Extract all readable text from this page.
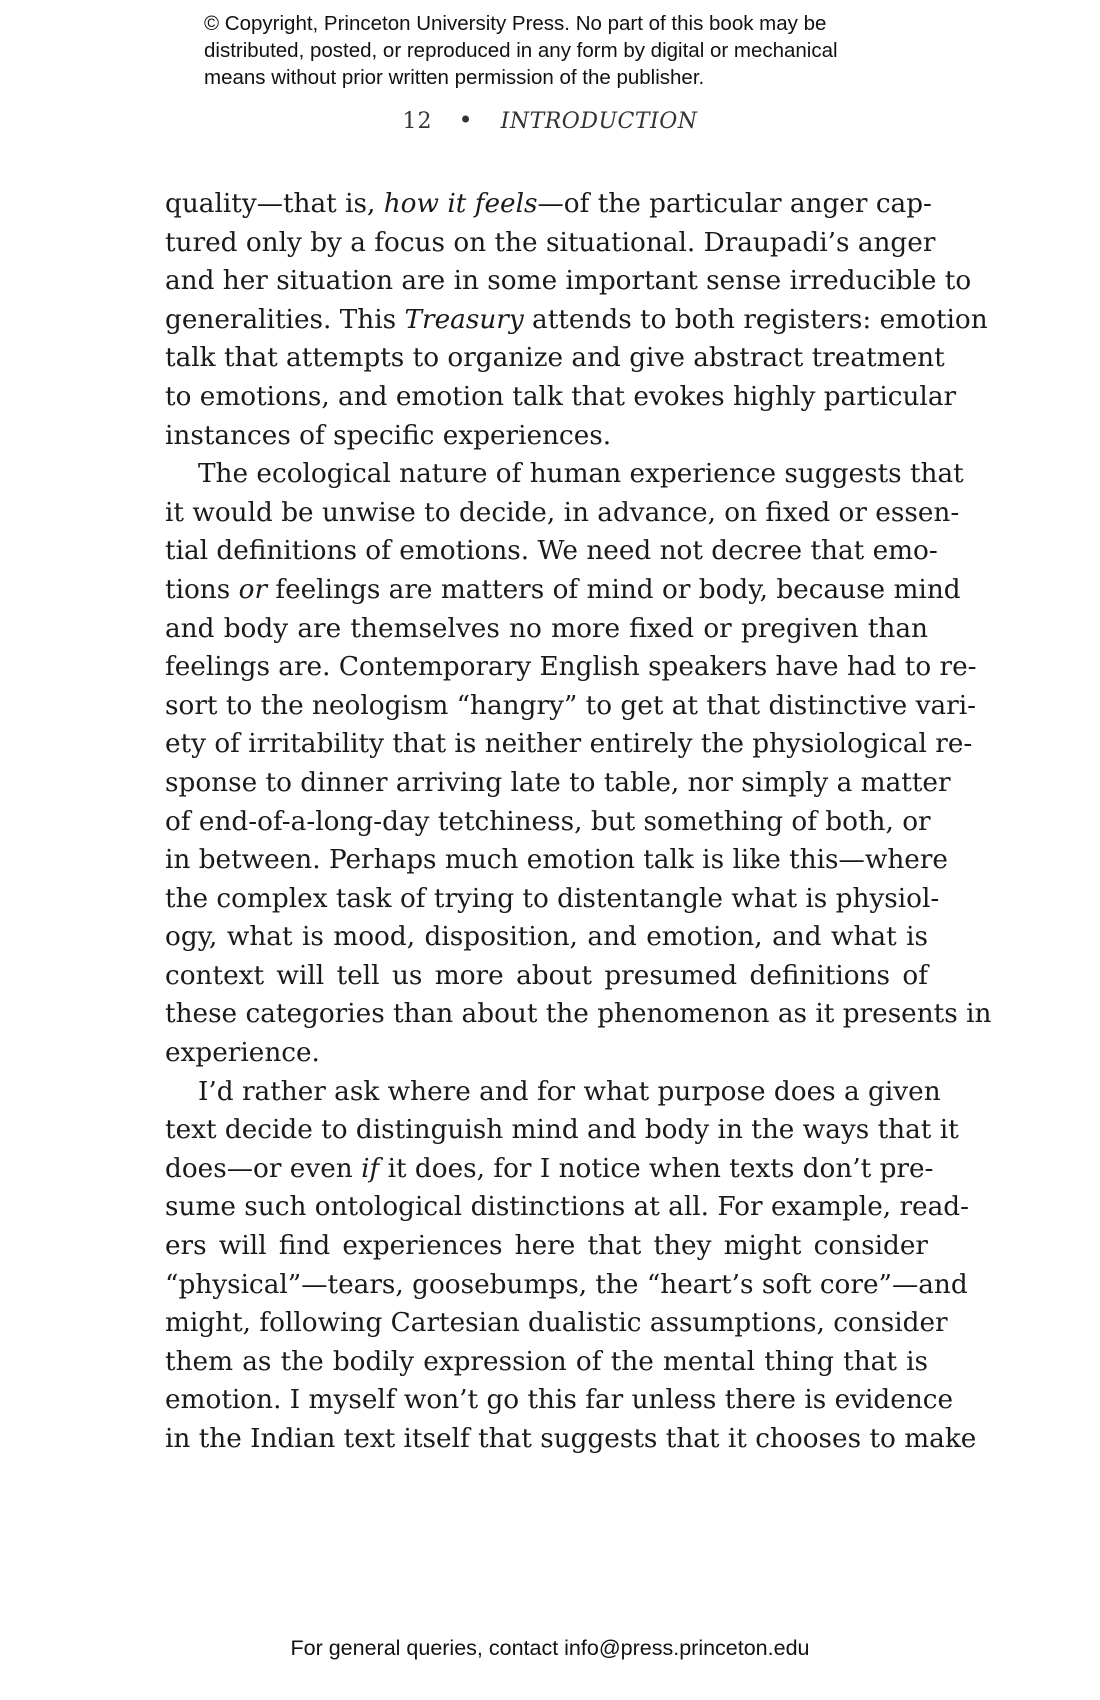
© Copyright, Princeton University Press. No part of this book may be
distributed, posted, or reproduced in any form by digital or mechanical
means without prior written permission of the publisher.
12 • INTRODUCTION
quality—that is, how it feels—of the particular anger cap-
tured only by a focus on the situational. Draupadi’s anger
and her situation are in some important sense irreducible to
generalities. This Treasury attends to both registers: emotion
talk that attempts to organize and give abstract treatment
to emotions, and emotion talk that evokes highly particular
instances of specific experiences.
The ecological nature of human experience suggests that
it would be unwise to decide, in advance, on fixed or essen-
tial definitions of emotions. We need not decree that emo-
tions or feelings are matters of mind or body, because mind
and body are themselves no more fixed or pregiven than
feelings are. Contemporary English speakers have had to re-
sort to the neologism “hangry” to get at that distinctive vari-
ety of irritability that is neither entirely the physiological re-
sponse to dinner arriving late to table, nor simply a matter
of end-of-a-long-day tetchiness, but something of both, or
in between. Perhaps much emotion talk is like this—where
the complex task of trying to distentangle what is physiol-
ogy, what is mood, disposition, and emotion, and what is
context will tell us more about presumed definitions of
these categories than about the phenomenon as it presents in
experience.
I’d rather ask where and for what purpose does a given
text decide to distinguish mind and body in the ways that it
does—or even if it does, for I notice when texts don’t pre-
sume such ontological distinctions at all. For example, read-
ers will find experiences here that they might consider
“physical”—tears, goosebumps, the “heart’s soft core”—and
might, following Cartesian dualistic assumptions, consider
them as the bodily expression of the mental thing that is
emotion. I myself won’t go this far unless there is evidence
in the Indian text itself that suggests that it chooses to make
For general queries, contact info@press.princeton.edu
